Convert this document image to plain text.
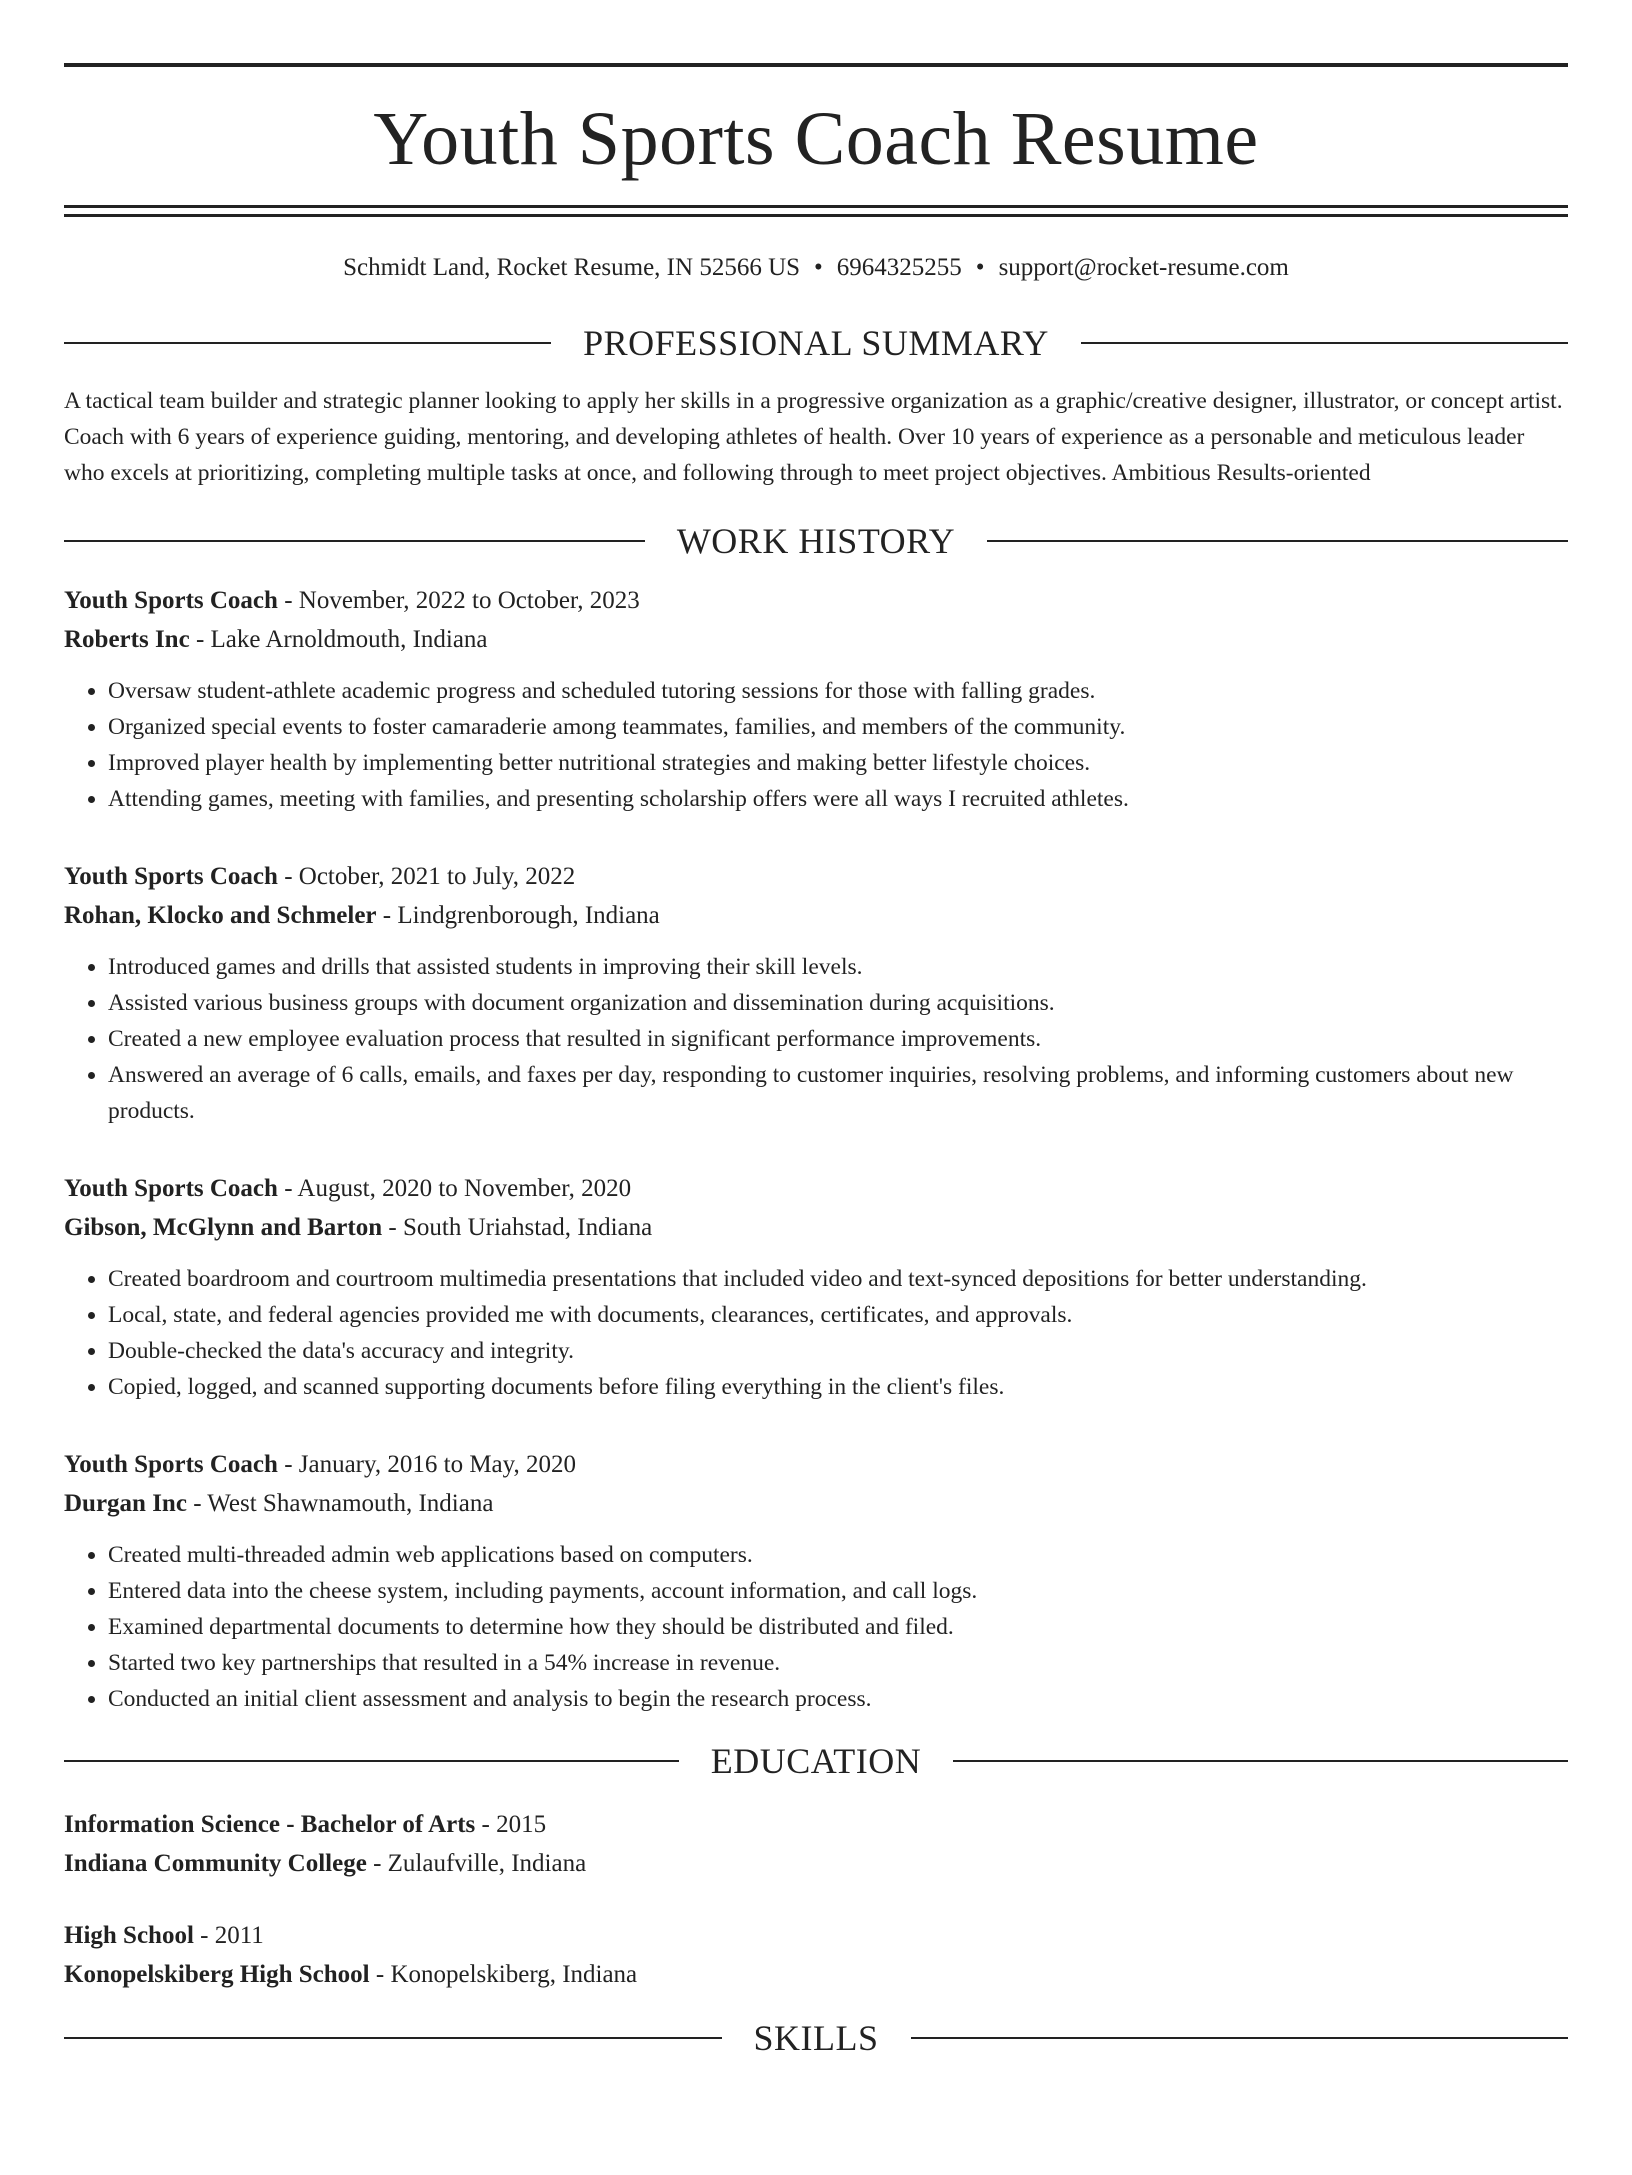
Youth Sports Coach Resume
Schmidt Land, Rocket Resume, IN 52566 US • 6964325255 • support@rocket-resume.com
PROFESSIONAL SUMMARY
A tactical team builder and strategic planner looking to apply her skills in a progressive organization as a graphic/creative designer, illustrator, or concept artist. Coach with 6 years of experience guiding, mentoring, and developing athletes of health. Over 10 years of experience as a personable and meticulous leader who excels at prioritizing, completing multiple tasks at once, and following through to meet project objectives. Ambitious Results-oriented
WORK HISTORY
Youth Sports Coach - November, 2022 to October, 2023
Roberts Inc - Lake Arnoldmouth, Indiana
• Oversaw student-athlete academic progress and scheduled tutoring sessions for those with falling grades.
• Organized special events to foster camaraderie among teammates, families, and members of the community.
• Improved player health by implementing better nutritional strategies and making better lifestyle choices.
• Attending games, meeting with families, and presenting scholarship offers were all ways I recruited athletes.
Youth Sports Coach - October, 2021 to July, 2022
Rohan, Klocko and Schmeler - Lindgrenborough, Indiana
• Introduced games and drills that assisted students in improving their skill levels.
• Assisted various business groups with document organization and dissemination during acquisitions.
• Created a new employee evaluation process that resulted in significant performance improvements.
• Answered an average of 6 calls, emails, and faxes per day, responding to customer inquiries, resolving problems, and informing customers about new products.
Youth Sports Coach - August, 2020 to November, 2020
Gibson, McGlynn and Barton - South Uriahstad, Indiana
• Created boardroom and courtroom multimedia presentations that included video and text-synced depositions for better understanding.
• Local, state, and federal agencies provided me with documents, clearances, certificates, and approvals.
• Double-checked the data's accuracy and integrity.
• Copied, logged, and scanned supporting documents before filing everything in the client's files.
Youth Sports Coach - January, 2016 to May, 2020
Durgan Inc - West Shawnamouth, Indiana
• Created multi-threaded admin web applications based on computers.
• Entered data into the cheese system, including payments, account information, and call logs.
• Examined departmental documents to determine how they should be distributed and filed.
• Started two key partnerships that resulted in a 54% increase in revenue.
• Conducted an initial client assessment and analysis to begin the research process.
EDUCATION
Information Science - Bachelor of Arts - 2015
Indiana Community College - Zulaufville, Indiana
High School - 2011
Konopelskiberg High School - Konopelskiberg, Indiana
SKILLS
